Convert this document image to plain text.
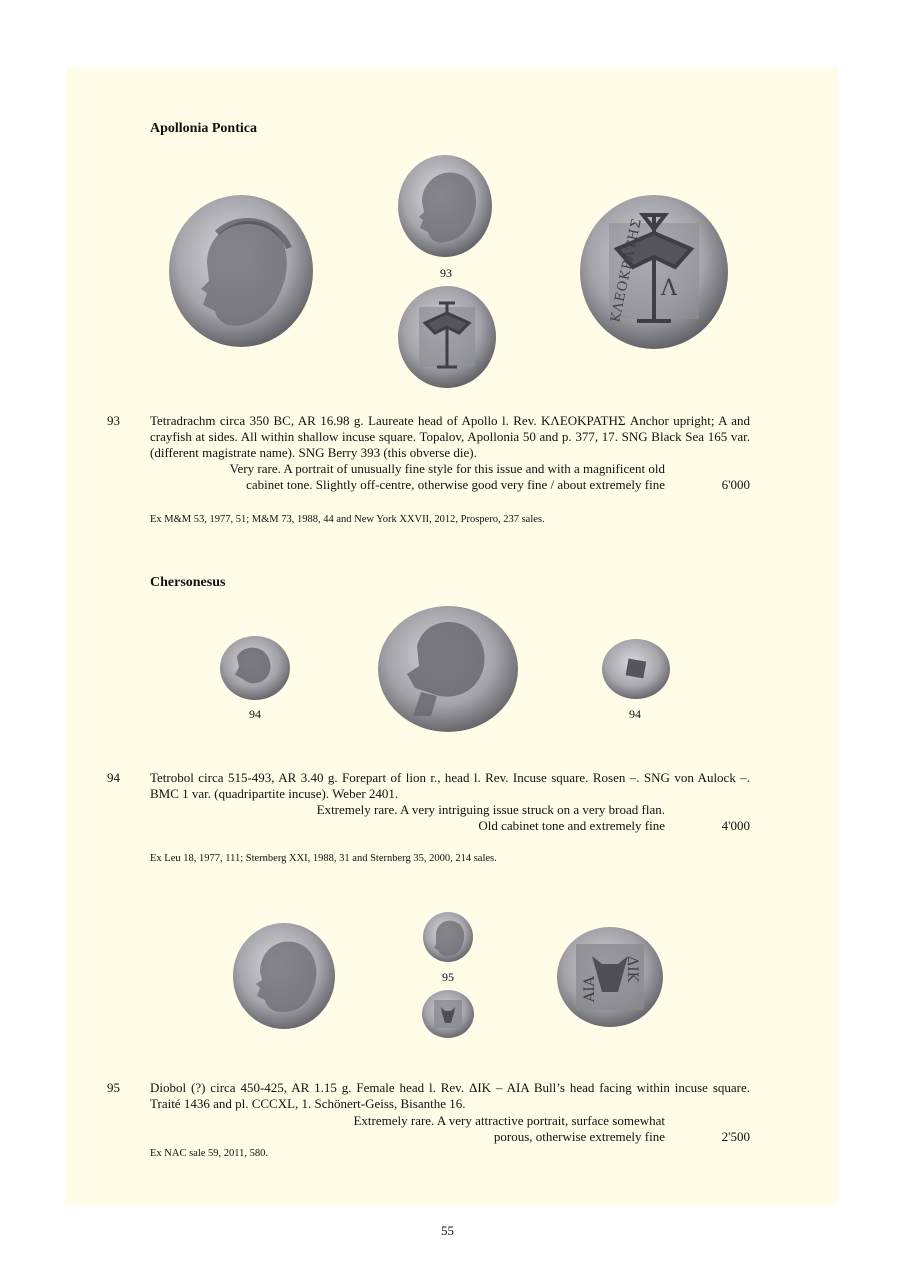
Apollonia Pontica
93
Λ
ΚΛΕΟΚΡΑΤΗΣ
93 Tetradrachm circa 350 BC, AR 16.98 g. Laureate head of Apollo l. Rev. ΚΛΕΟΚΡΑΤΗΣ Anchor upright; A and crayfish at sides. All within shallow incuse square. Topalov, Apollonia 50 and p. 377, 17. SNG Black Sea 165 var. (different magistrate name). SNG Berry 393 (this obverse die).

Very rare. A portrait of unusually fine style for this issue and with a magnificent old
cabinet tone. Slightly off-centre, otherwise good very fine / about extremely fine	6'000
Ex M&M 53, 1977, 51; M&M 73, 1988, 44 and New York XXVII, 2012, Prospero, 237 sales.
Chersonesus
94	94
94 Tetrobol circa 515-493, AR 3.40 g. Forepart of lion r., head l. Rev. Incuse square. Rosen –. SNG von Aulock –. BMC 1 var. (quadripartite incuse). Weber 2401.

Extremely rare. A very intriguing issue struck on a very broad flan.
Old cabinet tone and extremely fine	4'000
Ex Leu 18, 1977, 111; Sternberg XXI, 1988, 31 and Sternberg 35, 2000, 214 sales.
95	ΑΙΑ
ΔΙΚ
95 Diobol (?) circa 450-425, AR 1.15 g. Female head l. Rev. ΔΙΚ – ΑΙΑ Bull’s head facing within incuse square. Traité 1436 and pl. CCCXL, 1. Schönert-Geiss, Bisanthe 16.

Extremely rare. A very attractive portrait, surface somewhat
porous, otherwise extremely fine	2'500
Ex NAC sale 59, 2011, 580.
55
